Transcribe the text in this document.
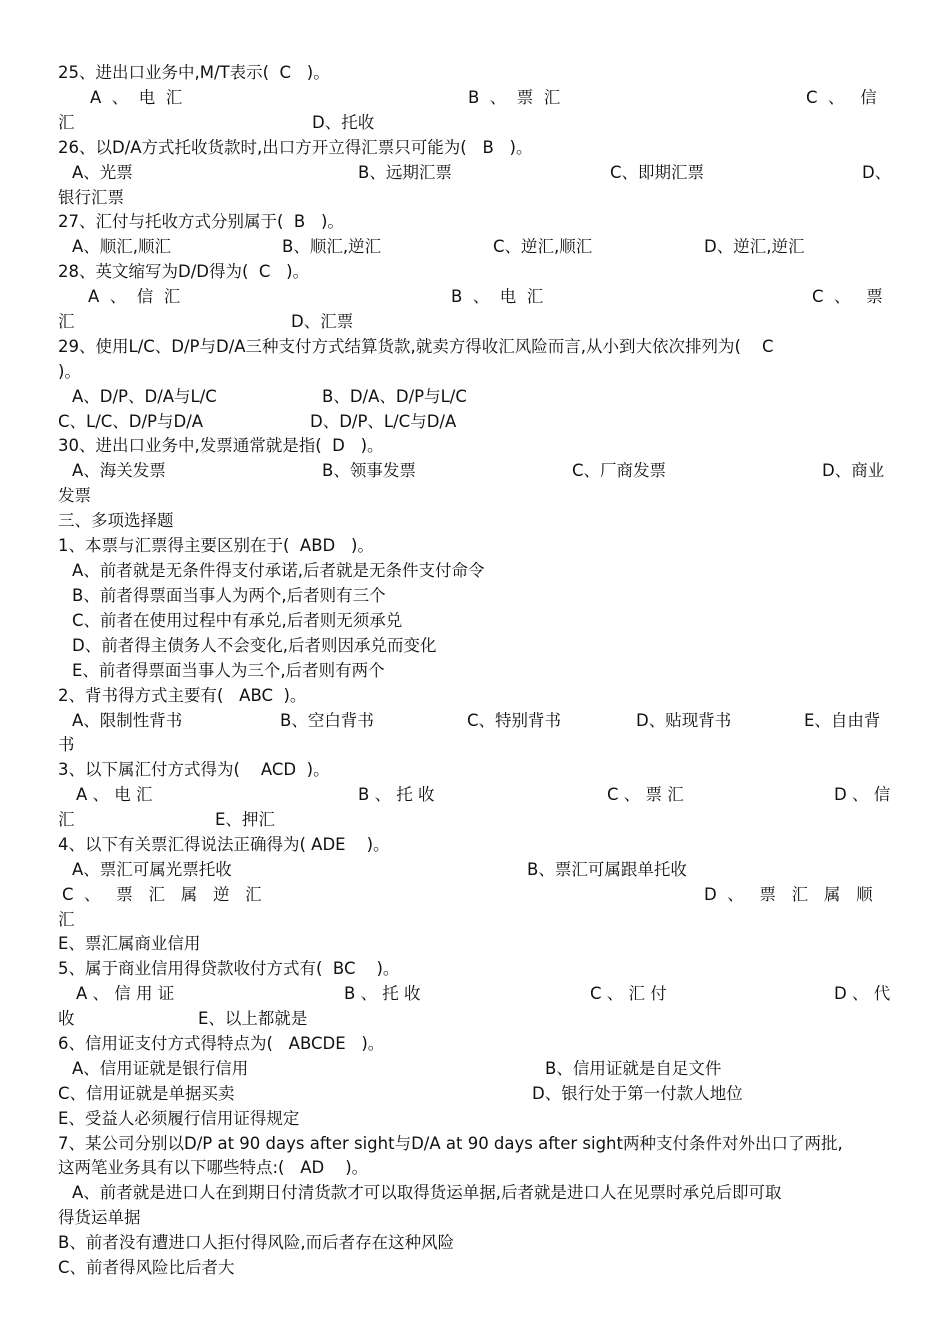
25、进出口业务中,M/T表示(  C   )。
A  、  电  汇	B  、  票  汇	C  、   信
汇	D、托收
26、以D/A方式托收货款时,出口方开立得汇票只可能为(   B   )。
A、光票	B、远期汇票	C、即期汇票	D、
银行汇票
27、汇付与托收方式分别属于(  B   )。
A、顺汇,顺汇	B、顺汇,逆汇	C、逆汇,顺汇	D、逆汇,逆汇
28、英文缩写为D/D得为(  C   )。
A  、  信  汇	B  、  电  汇	C  、   票
汇	D、汇票
29、使用L/C、D/P与D/A三种支付方式结算货款,就卖方得收汇风险而言,从小到大依次排列为(    C
)。
A、D/P、D/A与L/C	B、D/A、D/P与L/C
C、L/C、D/P与D/A	D、D/P、L/C与D/A
30、进出口业务中,发票通常就是指(  D   )。
A、海关发票	B、领事发票	C、厂商发票	D、商业
发票
三、多项选择题
1、本票与汇票得主要区别在于(  ABD   )。
A、前者就是无条件得支付承诺,后者就是无条件支付命令
B、前者得票面当事人为两个,后者则有三个
C、前者在使用过程中有承兑,后者则无须承兑
D、前者得主债务人不会变化,后者则因承兑而变化
E、前者得票面当事人为三个,后者则有两个
2、背书得方式主要有(   ABC  )。
A、限制性背书	B、空白背书	C、特别背书	D、贴现背书	E、自由背
书
3、以下属汇付方式得为(    ACD  )。
A 、 电 汇	B 、 托 收	C 、 票 汇	D 、 信
汇	E、押汇
4、以下有关票汇得说法正确得为( ADE    )。
A、票汇可属光票托收	B、票汇可属跟单托收
C  、   票   汇   属   逆   汇	D  、   票   汇   属   顺
汇
E、票汇属商业信用
5、属于商业信用得贷款收付方式有(  BC    )。
A 、 信 用 证	B 、 托 收	C 、 汇 付	D 、 代
收	E、以上都就是
6、信用证支付方式得特点为(   ABCDE   )。
A、信用证就是银行信用	B、信用证就是自足文件
C、信用证就是单据买卖	D、银行处于第一付款人地位
E、受益人必须履行信用证得规定
7、某公司分别以D/P at 90 days after sight与D/A at 90 days after sight两种支付条件对外出口了两批,
这两笔业务具有以下哪些特点:(   AD    )。
A、前者就是进口人在到期日付清货款才可以取得货运单据,后者就是进口人在见票时承兑后即可取
得货运单据
B、前者没有遭进口人拒付得风险,而后者存在这种风险
C、前者得风险比后者大
